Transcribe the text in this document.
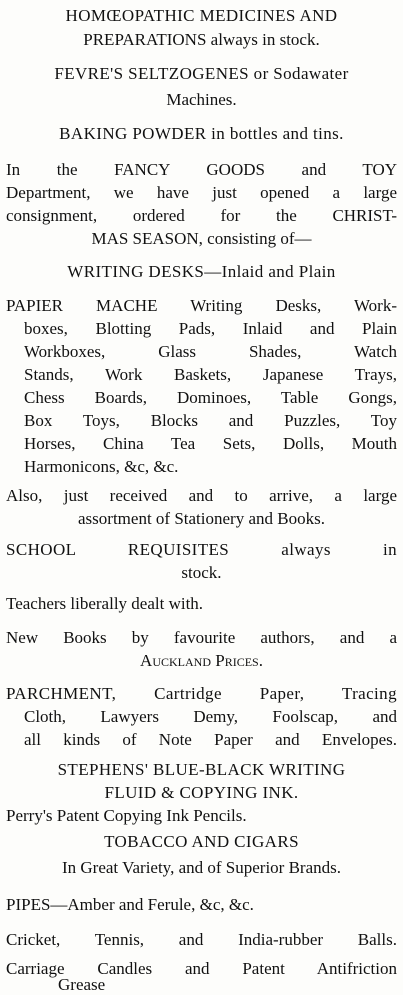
HOMŒOPATHIC MEDICINES AND

PREPARATIONS always in stock.

FEVRE'S SELTZOGENES or Sodawater

Machines.

BAKING POWDER in bottles and tins.

In the FANCY GOODS and TOY

Department, we have just opened a large

consignment, ordered for the CHRIST-

MAS SEASON, consisting of—

WRITING DESKS—Inlaid and Plain

PAPIER MACHE Writing Desks, Work-

boxes, Blotting Pads, Inlaid and Plain

Workboxes, Glass Shades, Watch

Stands, Work Baskets, Japanese Trays,

Chess Boards, Dominoes, Table Gongs,

Box Toys, Blocks and Puzzles, Toy

Horses, China Tea Sets, Dolls, Mouth

Harmonicons, &c, &c.

Also, just received and to arrive, a large

assortment of Stationery and Books.

SCHOOL REQUISITES always in

stock.

Teachers liberally dealt with.

New Books by favourite authors, and a

Auckland Prices.

PARCHMENT, Cartridge Paper, Tracing

Cloth, Lawyers Demy, Foolscap, and

all kinds of Note Paper and Envelopes.

STEPHENS' BLUE-BLACK WRITING

FLUID & COPYING INK.

Perry's Patent Copying Ink Pencils.

TOBACCO AND CIGARS

In Great Variety, and of Superior Brands.

PIPES—Amber and Ferule, &c, &c.

Cricket, Tennis, and India-rubber Balls.

Carriage Candles and Patent Antifriction

Grease
